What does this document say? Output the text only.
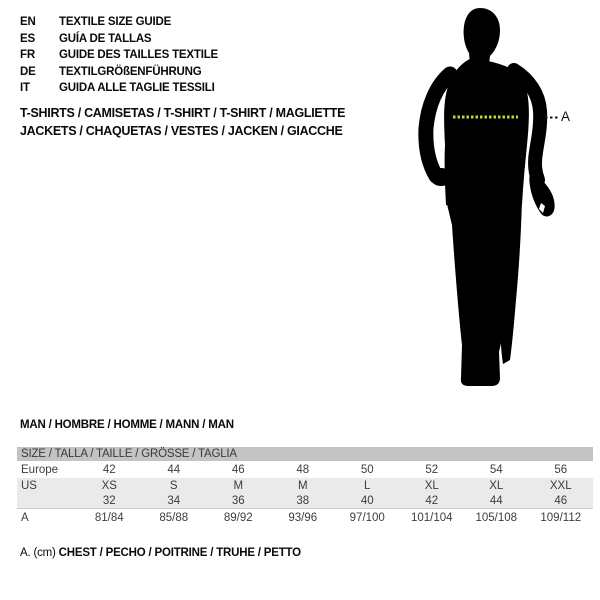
EN TEXTILE SIZE GUIDE
ES GUÍA DE TALLAS
FR GUIDE DES TAILLES TEXTILE
DE TEXTILGRÖßENFÜHRUNG
IT	GUIDA ALLE TAGLIE TESSILI
T-SHIRTS / CAMISETAS / T-SHIRT / T-SHIRT / MAGLIETTE
JACKETS / CHAQUETAS / VESTES / JACKEN / GIACCHE
A
MAN / HOMBRE / HOMME / MANN / MAN
SIZE / TALLA / TAILLE / GRÖSSE / TAGLIA
Europe	42	44	46	48	50	52	54	56
US	XS	S	M	M	L	XL	XL	XXL
32	34	36	38	40	42	44	46
A	81/84	85/88	89/92	93/96	97/100	101/104	105/108	109/112
A. (cm) CHEST / PECHO / POITRINE / TRUHE / PETTO
